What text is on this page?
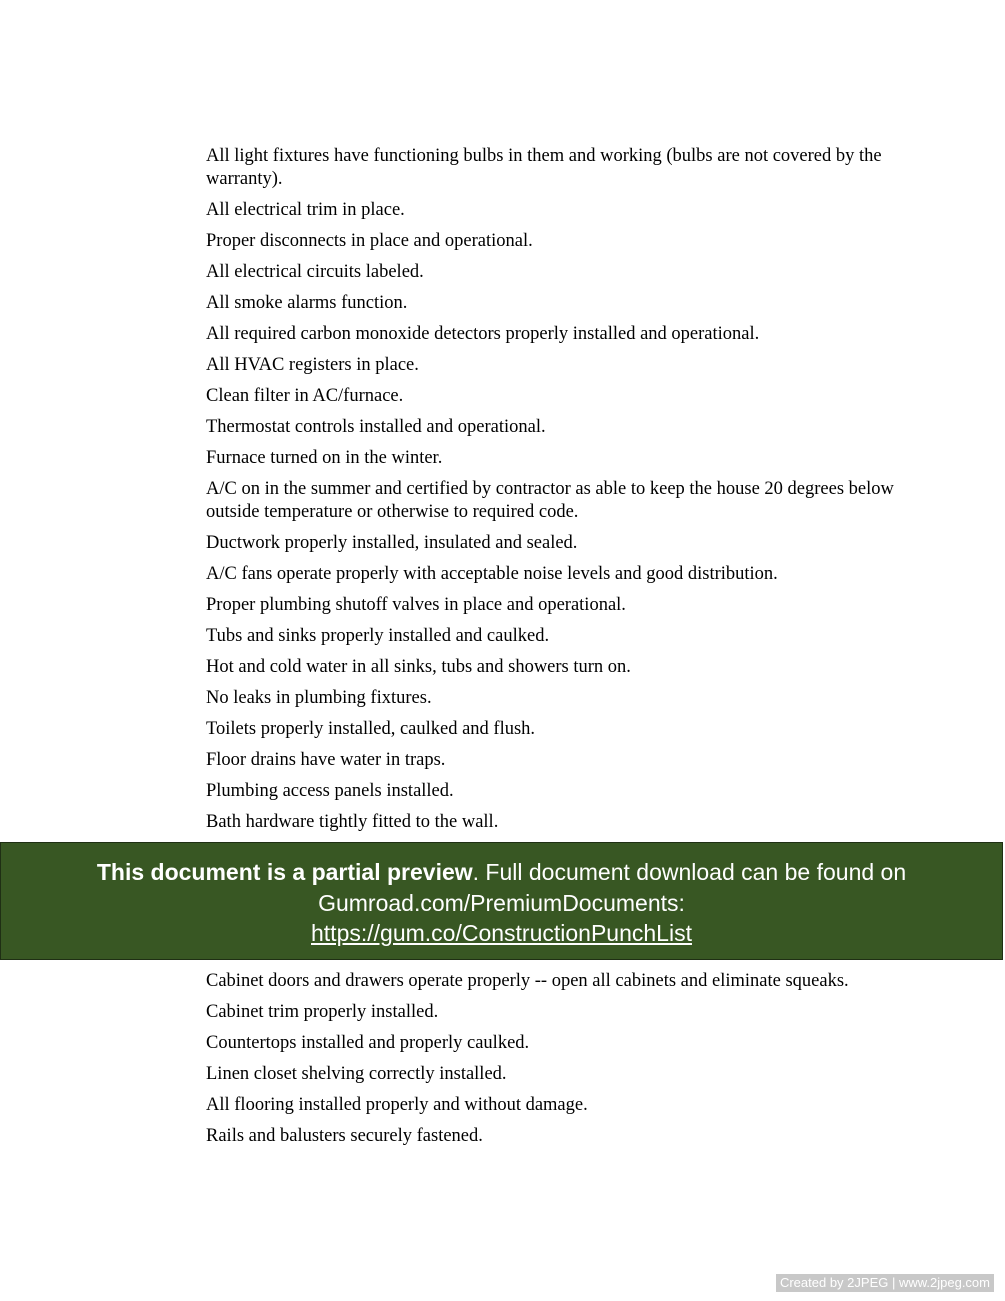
All light fixtures have functioning bulbs in them and working (bulbs are not covered by the warranty).
All electrical trim in place.
Proper disconnects in place and operational.
All electrical circuits labeled.
All smoke alarms function.
All required carbon monoxide detectors properly installed and operational.
All HVAC registers in place.
Clean filter in AC/furnace.
Thermostat controls installed and operational.
Furnace turned on in the winter.
A/C on in the summer and certified by contractor as able to keep the house 20 degrees below outside temperature or otherwise to required code.
Ductwork properly installed, insulated and sealed.
A/C fans operate properly with acceptable noise levels and good distribution.
Proper plumbing shutoff valves in place and operational.
Tubs and sinks properly installed and caulked.
Hot and cold water in all sinks, tubs and showers turn on.
No leaks in plumbing fixtures.
Toilets properly installed, caulked and flush.
Floor drains have water in traps.
Plumbing access panels installed.
Bath hardware tightly fitted to the wall.
This document is a partial preview. Full document download can be found on
Gumroad.com/PremiumDocuments:
https://gum.co/ConstructionPunchList
Cabinet doors and drawers operate properly -- open all cabinets and eliminate squeaks.
Cabinet trim properly installed.
Countertops installed and properly caulked.
Linen closet shelving correctly installed.
All flooring installed properly and without damage.
Rails and balusters securely fastened.
Created by 2JPEG | www.2jpeg.com
